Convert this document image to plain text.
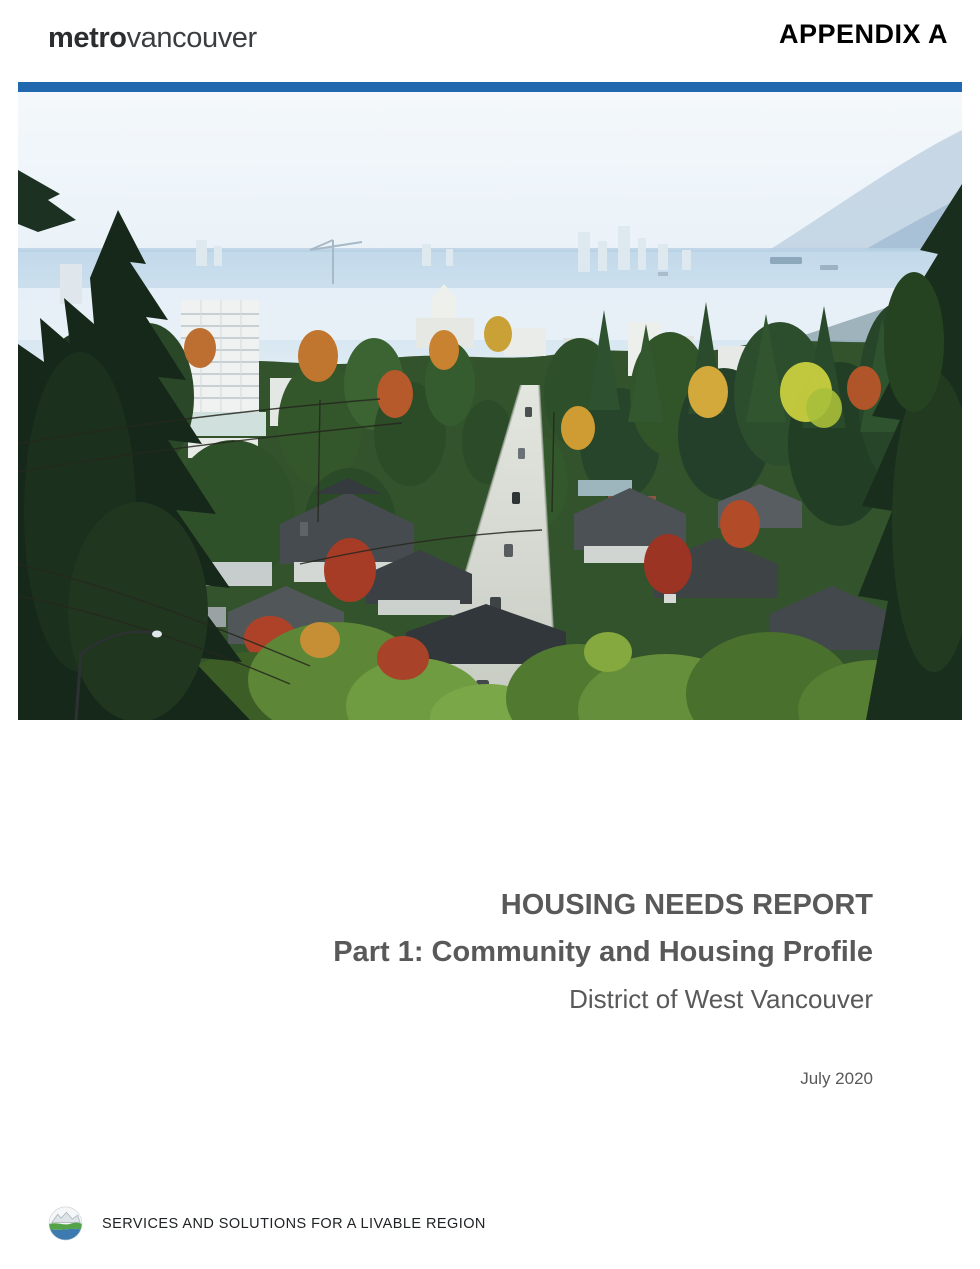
metrovancouver	APPENDIX A
HOUSING NEEDS REPORT
Part 1: Community and Housing Profile
District of West Vancouver
July 2020
SERVICES AND SOLUTIONS FOR A LIVABLE REGION
